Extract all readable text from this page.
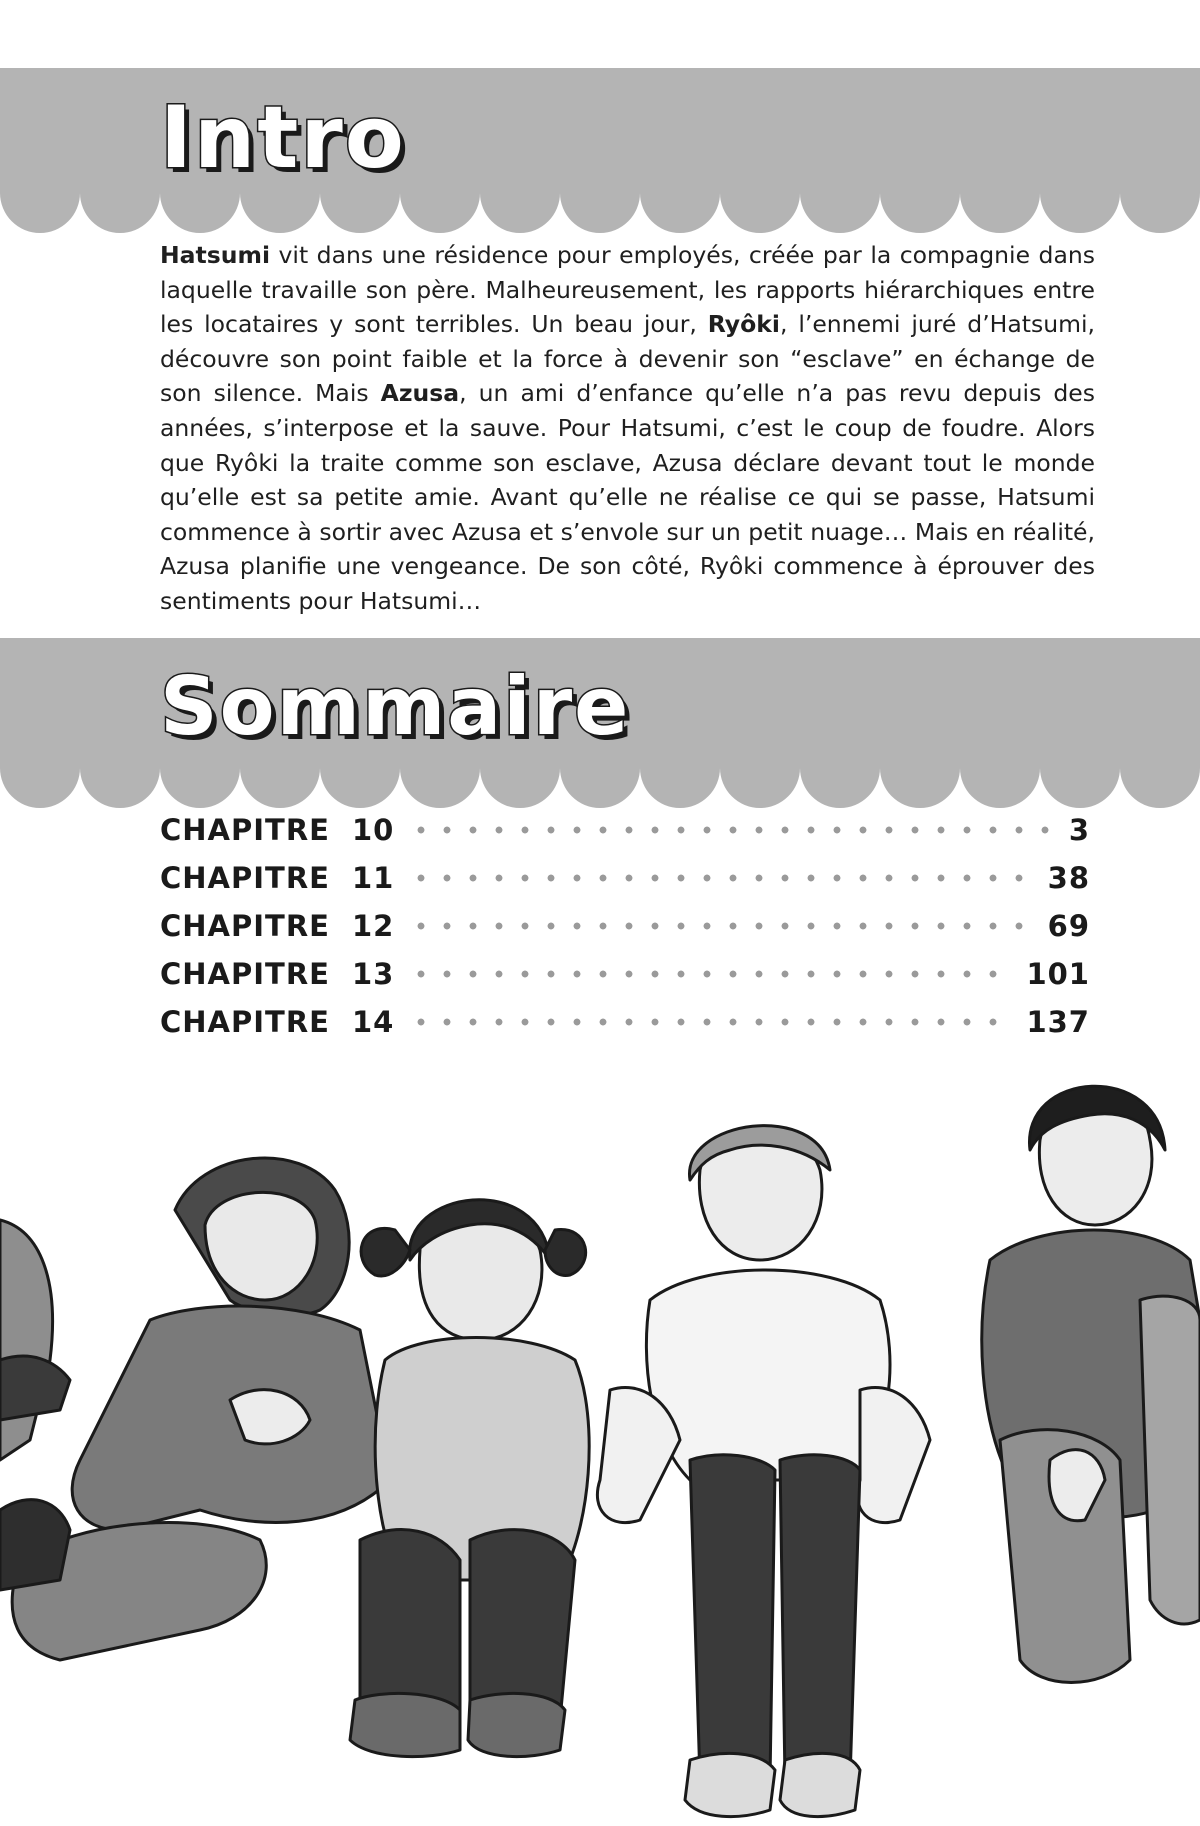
Intro
Hatsumi vit dans une résidence pour employés, créée par la compagnie dans laquelle travaille son père. Malheureusement, les rapports hiérarchiques entre les locataires y sont terribles. Un beau jour, Ryôki, l’ennemi juré d’Hatsumi, découvre son point faible et la force à devenir son “esclave” en échange de son silence. Mais Azusa, un ami d’enfance qu’elle n’a pas revu depuis des années, s’interpose et la sauve. Pour Hatsumi, c’est le coup de foudre. Alors que Ryôki la traite comme son esclave, Azusa déclare devant tout le monde qu’elle est sa petite amie. Avant qu’elle ne réalise ce qui se passe, Hatsumi commence à sortir avec Azusa et s’envole sur un petit nuage… Mais en réalité, Azusa planifie une vengeance. De son côté, Ryôki commence à éprouver des sentiments pour Hatsumi…
Sommaire
CHAPITRE 10	3
CHAPITRE 11	38
CHAPITRE 12	69
CHAPITRE 13	101
CHAPITRE 14	137
